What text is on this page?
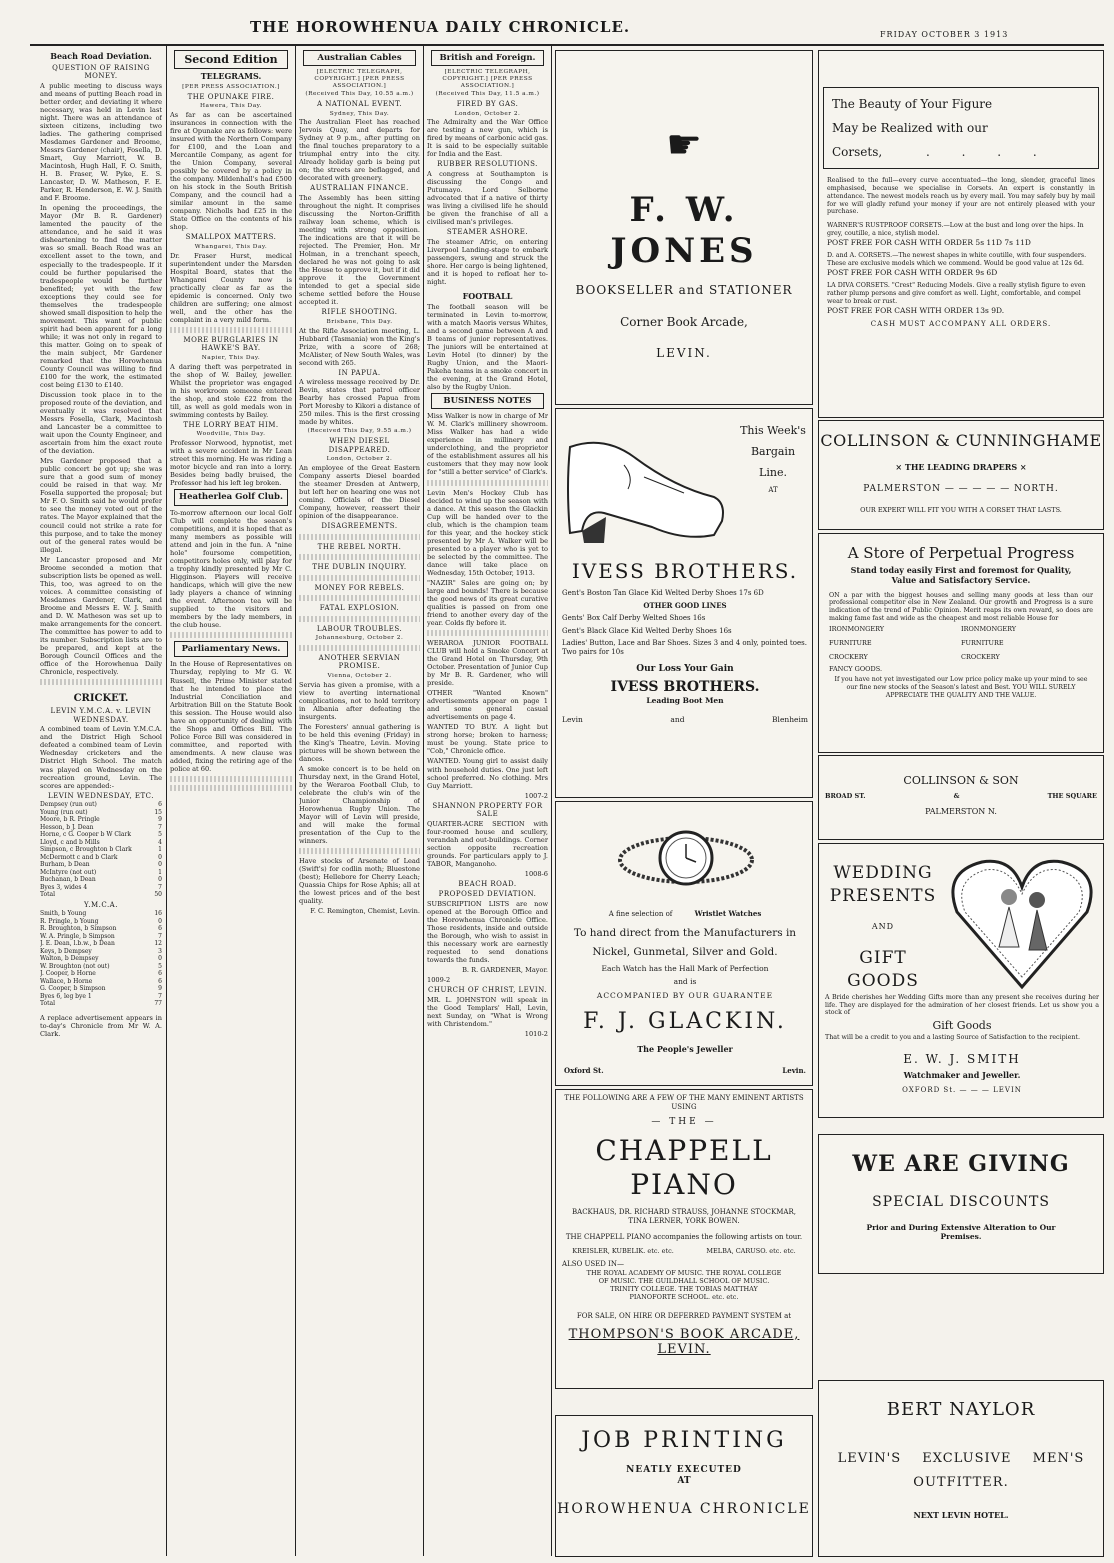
THE HOROWHENUA DAILY CHRONICLE.	FRIDAY OCTOBER 3 1913
Beach Road Deviation.
QUESTION OF RAISING MONEY.

A public meeting to discuss ways and means of putting Beach road in better order, and deviating it where necessary, was held in Levin last night. There was an attendance of sixteen citizens, including two ladies. The gathering comprised Mesdames Gardener and Broome, Messrs Gardener (chair), Fosella, D. Smart, Guy Marriott, W. B. Macintosh, Hugh Hall, F. O. Smith, H. B. Fraser, W. Pyke, E. S. Lancaster, D. W. Matheson, F. E. Parker, R. Henderson, E. W. J. Smith and F. Broome.

In opening the proceedings, the Mayor (Mr B. R. Gardener) lamented the paucity of the attendance, and he said it was disheartening to find the matter was so small. Beach Road was an excellent asset to the town, and especially to the tradespeople. If it could be further popularised the tradespeople would be further benefited; yet with the few exceptions they could see for themselves the tradespeople showed small disposition to help the movement. This want of public spirit had been apparent for a long while; it was not only in regard to this matter. Going on to speak of the main subject, Mr Gardener remarked that the Horowhenua County Council was willing to find £100 for the work, the estimated cost being £130 to £140.

Discussion took place in to the proposed route of the deviation, and eventually it was resolved that Messrs Fosella, Clark, Macintosh and Lancaster be a committee to wait upon the County Engineer, and ascertain from him the exact route of the deviation.

Mrs Gardener proposed that a public concert be got up; she was sure that a good sum of money could be raised in that way. Mr Fosella supported the proposal; but Mr F. O. Smith said he would prefer to see the money voted out of the rates. The Mayor explained that the council could not strike a rate for this purpose, and to take the money out of the general rates would be illegal.

Mr Lancaster proposed and Mr Broome seconded a motion that subscription lists be opened as well. This, too, was agreed to on the voices. A committee consisting of Mesdames Gardener, Clark, and Broome and Messrs E. W. J. Smith and D. W. Matheson was set up to make arrangements for the concert. The committee has power to add to its number. Subscription lists are to be prepared, and kept at the Borough Council Offices and the office of the Horowhenua Daily Chronicle, respectively.

CRICKET.
LEVIN Y.M.C.A. v. LEVIN WEDNESDAY.

A combined team of Levin Y.M.C.A. and the District High School defeated a combined team of Levin Wednesday cricketers and the District High School. The match was played on Wednesday on the recreation ground, Levin. The scores are appended:-

LEVIN WEDNESDAY, ETC.
Dempsey (run out)	6
Young (run out)	15
Moore, b R. Pringle	9
Hesson, b J. Dean	7
Horne, c G. Cooper b W Clark	5
Lloyd, c and b Mills	4
Simpson, c Broughton b Clark	1
McDermott c and b Clark	0
Burham, b Dean	0
McIntyre (not out)	1
Buchanan, b Dean	0
Byes 3, wides 4	7
Total	50
Y.M.C.A.
Smith, b Young	16
R. Pringle, b Young	0
R. Broughton, b Simpson	6
W. A. Pringle, b Simpson	7
J. E. Dean, l.b.w., b Dean	12
Keys, b Dempsey	3
Walton, b Dempsey	0
W. Broughton (not out)	5
J. Cooper, b Horne	6
Wallace, b Horne	6
G. Cooper, b Simpson	9
Byes 6, leg bye 1	7
Total	77

A replace advertisement appears in to-day's Chronicle from Mr W. A. Clark.

Second Edition
TELEGRAMS.
[PER PRESS ASSOCIATION.]
THE OPUNAKE FIRE.
Hawera, This Day.

As far as can be ascertained insurances in connection with the fire at Opunake are as follows: were insured with the Northern Company for £100, and the Loan and Mercantile Company, as agent for the Union Company, several possibly be covered by a policy in the company. Mildenhall's had £500 on his stock in the South British Company, and the council had a similar amount in the same company. Nicholls had £25 in the State Office on the contents of his shop.

SMALLPOX MATTERS.
Whangarei, This Day.

Dr. Fraser Hurst, medical superintendent under the Marsden Hospital Board, states that the Whangarei County now is practically clear as far as the epidemic is concerned. Only two children are suffering; one almost well, and the other has the complaint in a very mild form.

MORE BURGLARIES IN HAWKE'S BAY.
Napier, This Day.

A daring theft was perpetrated in the shop of W. Bailey, jeweller. Whilst the proprietor was engaged in his workroom someone entered the shop, and stole £22 from the till, as well as gold medals won in swimming contests by Bailey.

THE LORRY BEAT HIM.
Woodville, This Day.

Professor Norwood, hypnotist, met with a severe accident in Mr Lean street this morning. He was riding a motor bicycle and ran into a lorry. Besides being badly bruised, the Professor had his left leg broken.

Heatherlea Golf Club.

To-morrow afternoon our local Golf Club will complete the season's competitions, and it is hoped that as many members as possible will attend and join in the fun. A "nine hole" foursome competition, competitors holes only, will play for a trophy kindly presented by Mr C. Higginson. Players will receive handicaps, which will give the new lady players a chance of winning the event. Afternoon tea will be supplied to the visitors and members by the lady members, in the club house.

Parliamentary News.

In the House of Representatives on Thursday, replying to Mr G. W. Russell, the Prime Minister stated that he intended to place the Industrial Conciliation and Arbitration Bill on the Statute Book this session. The House would also have an opportunity of dealing with the Shops and Offices Bill. The Police Force Bill was considered in committee, and reported with amendments. A new clause was added, fixing the retiring age of the police at 60.

Australian Cables
[ELECTRIC TELEGRAPH, COPYRIGHT.] [PER PRESS ASSOCIATION.]
(Received This Day, 10.55 a.m.)
A NATIONAL EVENT.
Sydney, This Day.

The Australian Fleet has reached Jervois Quay, and departs for Sydney at 9 p.m., after putting on the final touches preparatory to a triumphal entry into the city. Already holiday garb is being put on; the streets are beflagged, and decorated with greenery.

AUSTRALIAN FINANCE.

The Assembly has been sitting throughout the night. It comprises discussing the Norton-Griffith railway loan scheme, which is meeting with strong opposition. The indications are that it will be rejected. The Premier, Hon. Mr Holman, in a trenchant speech, declared he was not going to ask the House to approve it, but if it did approve it the Government intended to get a special side scheme settled before the House accepted it.

RIFLE SHOOTING.
Brisbane, This Day.

At the Rifle Association meeting, L. Hubbard (Tasmania) won the King's Prize, with a score of 268; McAlister, of New South Wales, was second with 265.

IN PAPUA.

A wireless message received by Dr. Bevin, states that patrol officer Bearby has crossed Papua from Port Moresby to Kikori a distance of 250 miles. This is the first crossing made by whites.

(Received This Day, 9.55 a.m.)
WHEN DIESEL DISAPPEARED.
London, October 2.

An employee of the Great Eastern Company asserts Diesel boarded the steamer Dresden at Antwerp, but left her on hearing one was not coming. Officials of the Diesel Company, however, reassert their opinion of the disappearance.

DISAGREEMENTS.
THE REBEL NORTH.
THE DUBLIN INQUIRY.
MONEY FOR REBELS.
FATAL EXPLOSION.
LABOUR TROUBLES.
Johannesburg, October 2.
ANOTHER SERVIAN PROMISE.
Vienna, October 2.

Servia has given a promise, with a view to averting international complications, not to hold territory in Albania after defeating the insurgents.

The Foresters' annual gathering is to be held this evening (Friday) in the King's Theatre, Levin. Moving pictures will be shown between the dances.

A smoke concert is to be held on Thursday next, in the Grand Hotel, by the Weraroa Football Club, to celebrate the club's win of the Junior Championship of Horowhenua Rugby Union. The Mayor will of Levin will preside, and will make the formal presentation of the Cup to the winners.

Have stocks of Arsenate of Lead (Swift's) for codlin moth; Bluestone (best); Hellebore for Cherry Leach; Quassia Chips for Rose Aphis; all at the lowest prices and of the best quality.

F. C. Remington, Chemist, Levin.

British and Foreign.
[ELECTRIC TELEGRAPH, COPYRIGHT.] [PER PRESS ASSOCIATION.]
(Received This Day, 11.5 a.m.)
FIRED BY GAS.
London, October 2.

The Admiralty and the War Office are testing a new gun, which is fired by means of carbonic acid gas. It is said to be especially suitable for India and the East.

RUBBER RESOLUTIONS.

A congress at Southampton is discussing the Congo and Putumayo. Lord Selborne advocated that if a native of thirty was living a civilised life he should be given the franchise of all a civilised man's privileges.

STEAMER ASHORE.

The steamer Afric, on entering Liverpool Landing-stage to embark passengers, swung and struck the shore. Her cargo is being lightened, and it is hoped to refloat her to-night.

FOOTBALL

The football season will be terminated in Levin to-morrow, with a match Maoris versus Whites, and a second game between A and B teams of junior representatives. The juniors will be entertained at Levin Hotel (to dinner) by the Rugby Union, and the Maori-Pakeha teams in a smoke concert in the evening, at the Grand Hotel, also by the Rugby Union.

BUSINESS NOTES

Miss Walker is now in charge of Mr W. M. Clark's millinery showroom. Miss Walker has had a wide experience in millinery and underclothing, and the proprietor of the establishment assures all his customers that they may now look for "still a better service" of Clark's.

Levin Men's Hockey Club has decided to wind up the season with a dance. At this season the Glackin Cup will be handed over to the club, which is the champion team for this year, and the hockey stick presented by Mr A. Walker will be presented to a player who is yet to be selected by the committee. The dance will take place on Wednesday, 15th October, 1913.

"NAZIR" Sales are going on; by large and bounds! There is because the good news of its great curative qualities is passed on from one friend to another every day of the year. Colds fly before it.

WERAROA JUNIOR FOOTBALL CLUB will hold a Smoke Concert at the Grand Hotel on Thursday, 9th October. Presentation of Junior Cup by Mr B. R. Gardener, who will preside.

OTHER "Wanted Known" advertisements appear on page 1 and some general casual advertisements on page 4.

WANTED TO BUY. A light but strong horse; broken to harness; must be young. State price to "Cob," Chronicle office.

WANTED. Young girl to assist daily with household duties. One just left school preferred. No clothing. Mrs Guy Marriott.

1007-2

SHANNON PROPERTY FOR SALE

QUARTER-ACRE SECTION with four-roomed house and scullery, verandah and out-buildings. Corner section opposite recreation grounds. For particulars apply to J. TABOR, Manganoho.

1008-6

BEACH ROAD.
PROPOSED DEVIATION.

SUBSCRIPTION LISTS are now opened at the Borough Office and the Horowhenua Chronicle Office. Those residents, inside and outside the Borough, who wish to assist in this necessary work are earnestly requested to send donations towards the funds.

B. R. GARDENER, Mayor.

1009-2

CHURCH OF CHRIST, LEVIN.

MR. L. JOHNSTON will speak in the Good Templars' Hall, Levin, next Sunday, on "What is Wrong with Christendom."

1010-2

☛
F. W. JONES
BOOKSELLER and STATIONER
Corner Book Arcade,
LEVIN.
This Week's
Bargain
Line.
AT
IVESS BROTHERS.
Gent's Boston Tan Glace Kid Welted Derby Shoes 17s 6D
OTHER GOOD LINES
Gents' Box Calf Derby Welted Shoes 16s
Gent's Black Glace Kid Welted Derby Shoes 16s
Ladies' Button, Lace and Bar Shoes. Sizes 3 and 4 only, pointed toes. Two pairs for 10s
Our Loss Your Gain
IVESS BROTHERS.
Leading Boot Men
Levin	and	Blenheim
A fine selection of	Wristlet Watches
To hand direct from the Manufacturers in
Nickel, Gunmetal, Silver and Gold.
Each Watch has the Hall Mark of Perfection
and is
ACCOMPANIED BY OUR GUARANTEE
F. J. GLACKIN.
The People's Jeweller
Oxford St.	Levin.
THE FOLLOWING ARE A FEW OF THE MANY EMINENT ARTISTS USING
— THE —
CHAPPELL PIANO
BACKHAUS, DR. RICHARD STRAUSS, JOHANNE STOCKMAR, TINA LERNER, YORK BOWEN.
THE CHAPPELL PIANO accompanies the following artists on tour.
KREISLER, KUBELIK. etc. etc.	MELBA, CARUSO. etc. etc.
ALSO USED IN—
THE ROYAL ACADEMY OF MUSIC. THE ROYAL COLLEGE OF MUSIC. THE GUILDHALL SCHOOL OF MUSIC. TRINITY COLLEGE. THE TOBIAS MATTHAY PIANOFORTE SCHOOL. etc. etc.
FOR SALE, ON HIRE OR DEFERRED PAYMENT SYSTEM at
THOMPSON'S BOOK ARCADE, LEVIN.
JOB PRINTING
NEATLY EXECUTED
AT
HOROWHENUA CHRONICLE
The Beauty of Your Figure
May be Realized with our
Corsets,	. . . .

Realised to the full—every curve accentuated—the long, slender, graceful lines emphasised, because we specialise in Corsets. An expert is constantly in attendance. The newest models reach us by every mail. You may safely buy by mail for we will gladly refund your money if your are not entirely pleased with your purchase.

WARNER'S RUSTPROOF CORSETS.—Low at the bust and long over the hips. In grey, coutille, a nice, stylish model.
POST FREE FOR CASH WITH ORDER 5s 11D 7s 11D
D. and A. CORSETS.—The newest shapes in white coutille, with four suspenders. These are exclusive models which we commend. Would be good value at 12s 6d.
POST FREE FOR CASH WITH ORDER 9s 6D
LA DIVA CORSETS. "Crest" Reducing Models. Give a really stylish figure to even rather plump persons and give comfort as well. Light, comfortable, and compel wear to break or rust.
POST FREE FOR CASH WITH ORDER 13s 9D.
CASH MUST ACCOMPANY ALL ORDERS.
COLLINSON & CUNNINGHAME
× THE LEADING DRAPERS ×
PALMERSTON — — — — — NORTH.
OUR EXPERT WILL FIT YOU WITH A CORSET THAT LASTS.
A Store of Perpetual Progress
Stand today easily First and foremost for Quality, Value and Satisfactory Service.

ON a par with the biggest houses and selling many goods at less than our professional competitor else in New Zealand. Our growth and Progress is a sure indication of the trend of Public Opinion. Merit reaps its own reward, so does are making fame fast and wide as the cheapest and most reliable House for

IRONMONGERY	IRONMONGERY
FURNITURE	FURNITURE
CROCKERY	CROCKERY
FANCY GOODS.

If you have not yet investigated our Low price policy make up your mind to see our fine new stocks of the Season's latest and Best. YOU WILL SURELY APPRECIATE THE QUALITY AND THE VALUE.

COLLINSON & SON
BROAD ST.	&	THE SQUARE
PALMERSTON N.
WEDDING PRESENTS
AND
GIFT GOODS

A Bride cherishes her Wedding Gifts more than any present she receives during her life. They are displayed for the admiration of her closest friends. Let us show you a stock of

Gift Goods

That will be a credit to you and a lasting Source of Satisfaction to the recipient.

E. W. J. SMITH
Watchmaker and Jeweller.
OXFORD St. — — — LEVIN
WE ARE GIVING
SPECIAL DISCOUNTS
Prior and During Extensive Alteration to Our Premises.
BERT NAYLOR
LEVIN'S EXCLUSIVE MEN'S
OUTFITTER.
NEXT LEVIN HOTEL.
